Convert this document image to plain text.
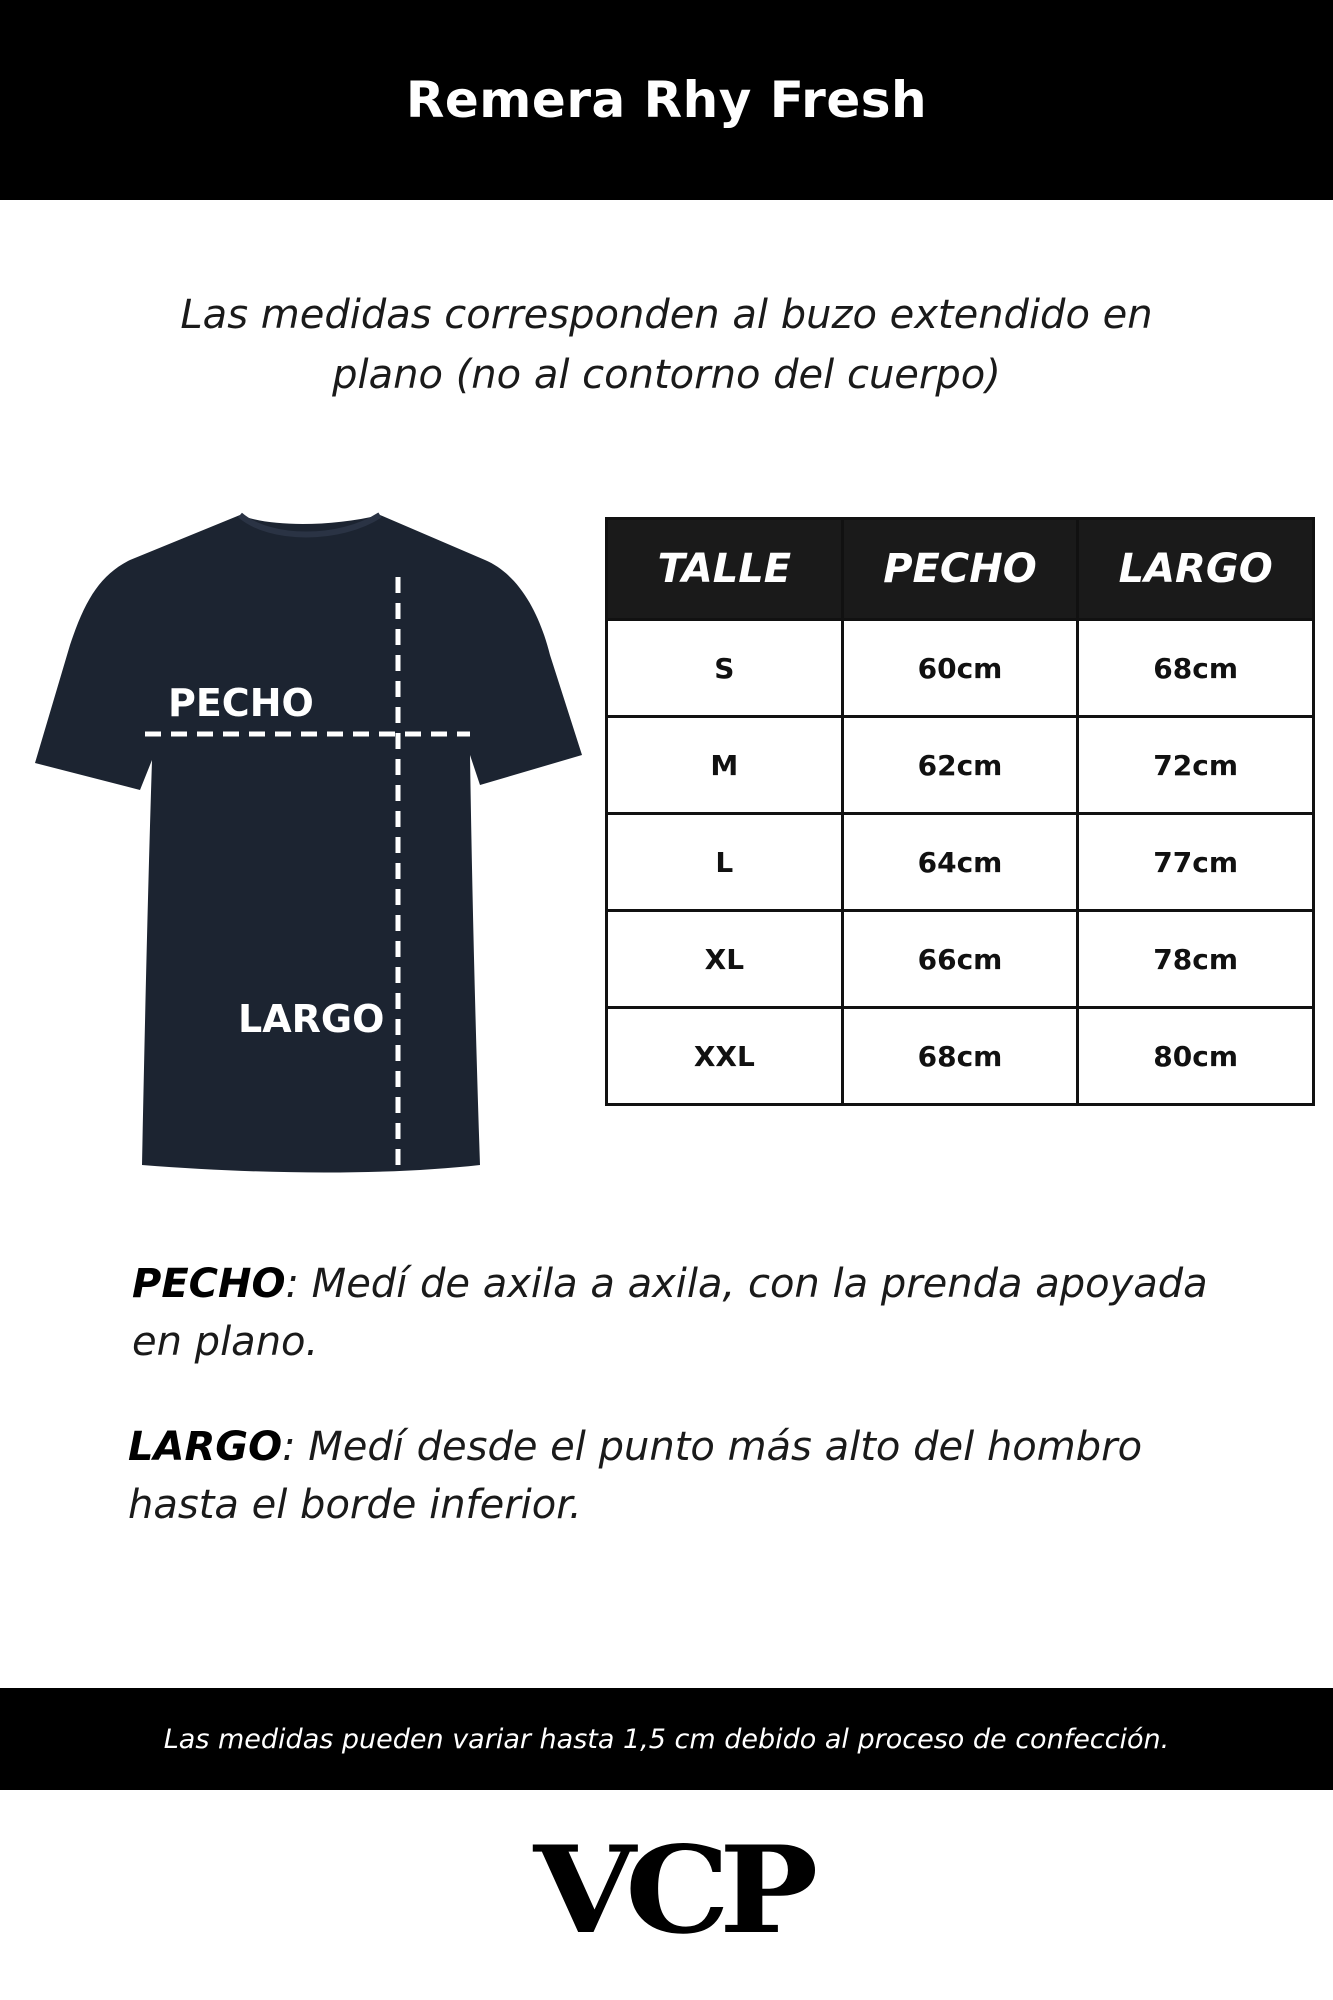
Remera Rhy Fresh
Las medidas corresponden al buzo extendido en
plano (no al contorno del cuerpo)
PECHO
LARGO
TALLE	PECHO	LARGO
S	60cm	68cm
M	62cm	72cm
L	64cm	77cm
XL	66cm	78cm
XXL	68cm	80cm
PECHO: Medí de axila a axila, con la prenda apoyada en plano.
LARGO: Medí desde el punto más alto del hombro hasta el borde inferior.
Las medidas pueden variar hasta 1,5 cm debido al proceso de confección.
VCP
